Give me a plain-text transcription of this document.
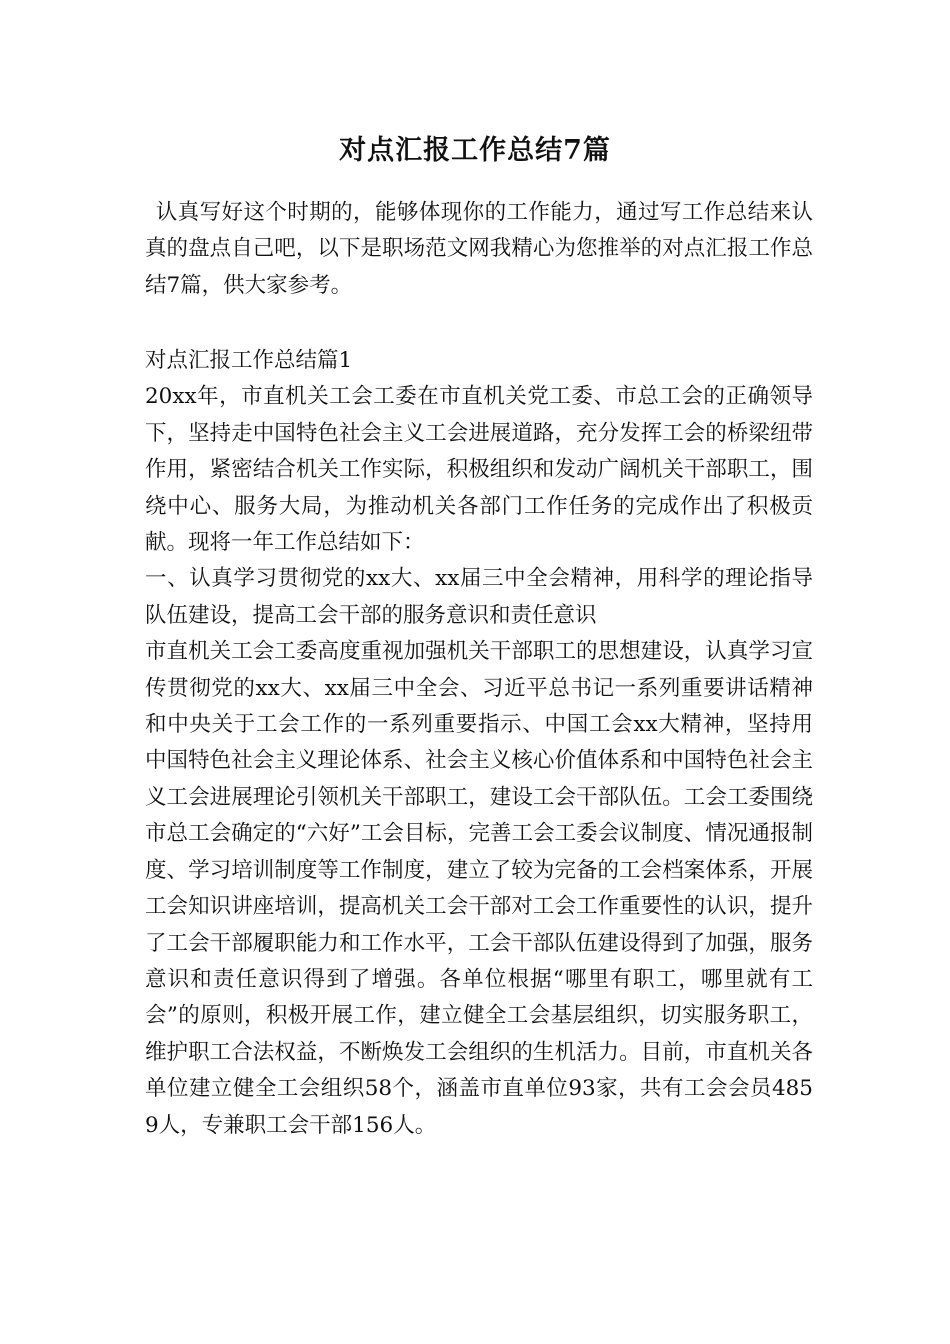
对点汇报工作总结7篇

认真写好这个时期的，能够体现你的工作能力，通过写工作总结来认真的盘点自己吧，以下是职场范文网我精心为您推举的对点汇报工作总结7篇，供大家参考。

对点汇报工作总结篇1

20xx年，市直机关工会工委在市直机关党工委、市总工会的正确领导下，坚持走中国特色社会主义工会进展道路，充分发挥工会的桥梁纽带作用，紧密结合机关工作实际，积极组织和发动广阔机关干部职工，围绕中心、服务大局，为推动机关各部门工作任务的完成作出了积极贡献。现将一年工作总结如下：

一、认真学习贯彻党的xx大、xx届三中全会精神，用科学的理论指导队伍建设，提高工会干部的服务意识和责任意识

市直机关工会工委高度重视加强机关干部职工的思想建设，认真学习宣传贯彻党的xx大、xx届三中全会、习近平总书记一系列重要讲话精神和中央关于工会工作的一系列重要指示、中国工会xx大精神，坚持用中国特色社会主义理论体系、社会主义核心价值体系和中国特色社会主义工会进展理论引领机关干部职工，建设工会干部队伍。工会工委围绕市总工会确定的“六好”工会目标，完善工会工委会议制度、情况通报制度、学习培训制度等工作制度，建立了较为完备的工会档案体系，开展工会知识讲座培训，提高机关工会干部对工会工作重要性的认识，提升了工会干部履职能力和工作水平，工会干部队伍建设得到了加强，服务意识和责任意识得到了增强。各单位根据“哪里有职工，哪里就有工会”的原则，积极开展工作，建立健全工会基层组织，切实服务职工，维护职工合法权益，不断焕发工会组织的生机活力。目前，市直机关各单位建立健全工会组织58个，涵盖市直单位93家，共有工会会员4859人，专兼职工会干部156人。
